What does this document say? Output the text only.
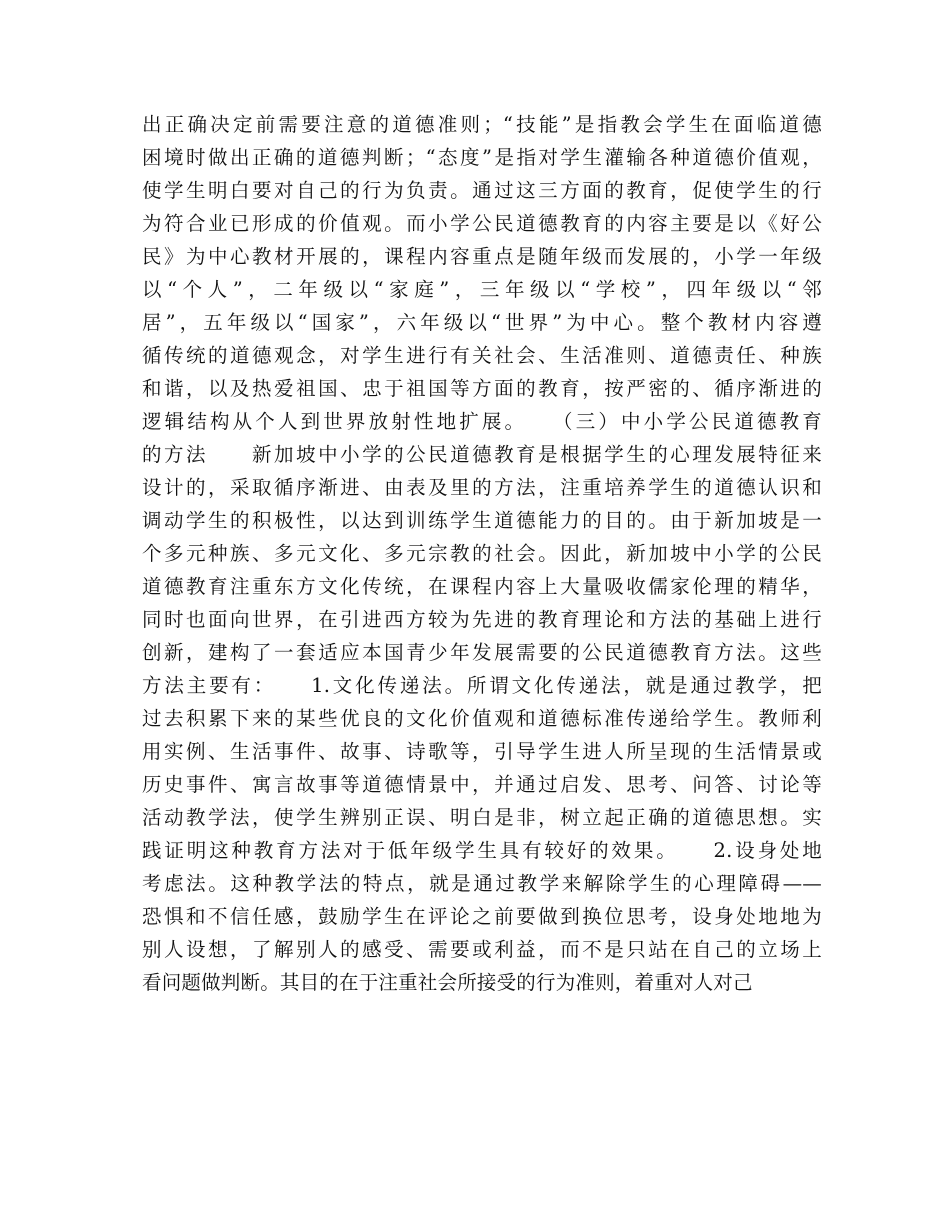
出正确决定前需要注意的道德准则；“技能”是指教会学生在面临道德
困境时做出正确的道德判断；“态度”是指对学生灌输各种道德价值观，
使学生明白要对自己的行为负责。通过这三方面的教育，促使学生的行
为符合业已形成的价值观。而小学公民道德教育的内容主要是以《好公
民》为中心教材开展的，课程内容重点是随年级而发展的，小学一年级
以“个人”，二年级以“家庭”，三年级以“学校”，四年级以“邻
居”，五年级以“国家”，六年级以“世界”为中心。整个教材内容遵
循传统的道德观念，对学生进行有关社会、生活准则、道德责任、种族
和谐，以及热爱祖国、忠于祖国等方面的教育，按严密的、循序渐进的
逻辑结构从个人到世界放射性地扩展。　　（三）中小学公民道德教育
的方法　　新加坡中小学的公民道德教育是根据学生的心理发展特征来
设计的，采取循序渐进、由表及里的方法，注重培养学生的道德认识和
调动学生的积极性，以达到训练学生道德能力的目的。由于新加坡是一
个多元种族、多元文化、多元宗教的社会。因此，新加坡中小学的公民
道德教育注重东方文化传统，在课程内容上大量吸收儒家伦理的精华，
同时也面向世界，在引进西方较为先进的教育理论和方法的基础上进行
创新，建构了一套适应本国青少年发展需要的公民道德教育方法。这些
方法主要有：　　1.文化传递法。所谓文化传递法，就是通过教学，把
过去积累下来的某些优良的文化价值观和道德标准传递给学生。教师利
用实例、生活事件、故事、诗歌等，引导学生进人所呈现的生活情景或
历史事件、寓言故事等道德情景中，并通过启发、思考、问答、讨论等
活动教学法，使学生辨别正误、明白是非，树立起正确的道德思想。实
践证明这种教育方法对于低年级学生具有较好的效果。　　2.设身处地
考虑法。这种教学法的特点，就是通过教学来解除学生的心理障碍——
恐惧和不信任感，鼓励学生在评论之前要做到换位思考，设身处地地为
别人设想，了解别人的感受、需要或利益，而不是只站在自己的立场上
看问题做判断。其目的在于注重社会所接受的行为准则，着重对人对己
